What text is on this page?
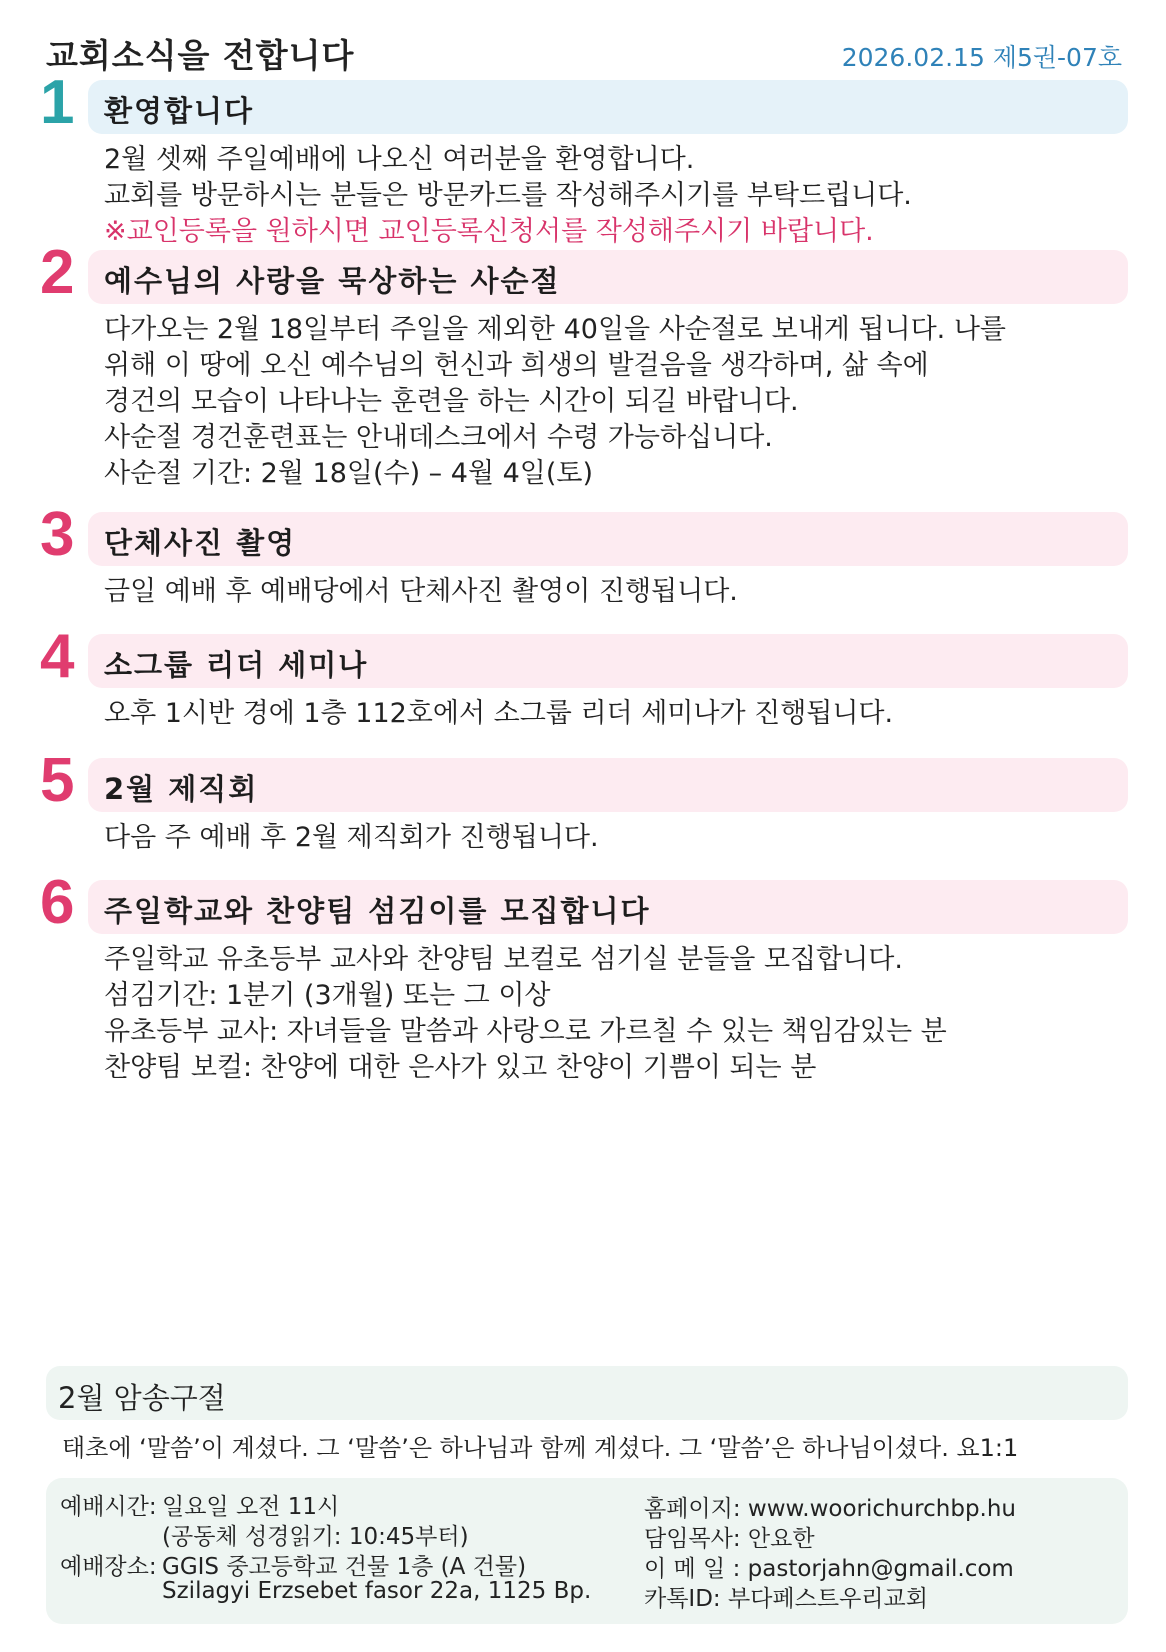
교회소식을 전합니다	2026.02.15 제5권-07호
1 환영합니다
2월 셋째 주일예배에 나오신 여러분을 환영합니다.
교회를 방문하시는 분들은 방문카드를 작성해주시기를 부탁드립니다.
※교인등록을 원하시면 교인등록신청서를 작성해주시기 바랍니다.
2 예수님의 사랑을 묵상하는 사순절
다가오는 2월 18일부터 주일을 제외한 40일을 사순절로 보내게 됩니다. 나를
위해 이 땅에 오신 예수님의 헌신과 희생의 발걸음을 생각하며, 삶 속에
경건의 모습이 나타나는 훈련을 하는 시간이 되길 바랍니다.
사순절 경건훈련표는 안내데스크에서 수령 가능하십니다.
사순절 기간: 2월 18일(수) – 4월 4일(토)
3 단체사진 촬영
금일 예배 후 예배당에서 단체사진 촬영이 진행됩니다.
4 소그룹 리더 세미나
오후 1시반 경에 1층 112호에서 소그룹 리더 세미나가 진행됩니다.
5 2월 제직회
다음 주 예배 후 2월 제직회가 진행됩니다.
6 주일학교와 찬양팀 섬김이를 모집합니다
주일학교 유초등부 교사와 찬양팀 보컬로 섬기실 분들을 모집합니다.
섬김기간: 1분기 (3개월) 또는 그 이상
유초등부 교사: 자녀들을 말씀과 사랑으로 가르칠 수 있는 책임감있는 분
찬양팀 보컬: 찬양에 대한 은사가 있고 찬양이 기쁨이 되는 분
2월 암송구절
태초에 ‘말씀’이 계셨다. 그 ‘말씀’은 하나님과 함께 계셨다. 그 ‘말씀’은 하나님이셨다. 요1:1
예배시간: 일요일 오전 11시
(공동체 성경읽기: 10:45부터)
예배장소: GGIS 중고등학교 건물 1층 (A 건물)
Szilagyi Erzsebet fasor 22a, 1125 Bp.
홈페이지: www.woorichurchbp.hu
담임목사: 안요한
이 메 일 : pastorjahn@gmail.com
카톡ID: 부다페스트우리교회
